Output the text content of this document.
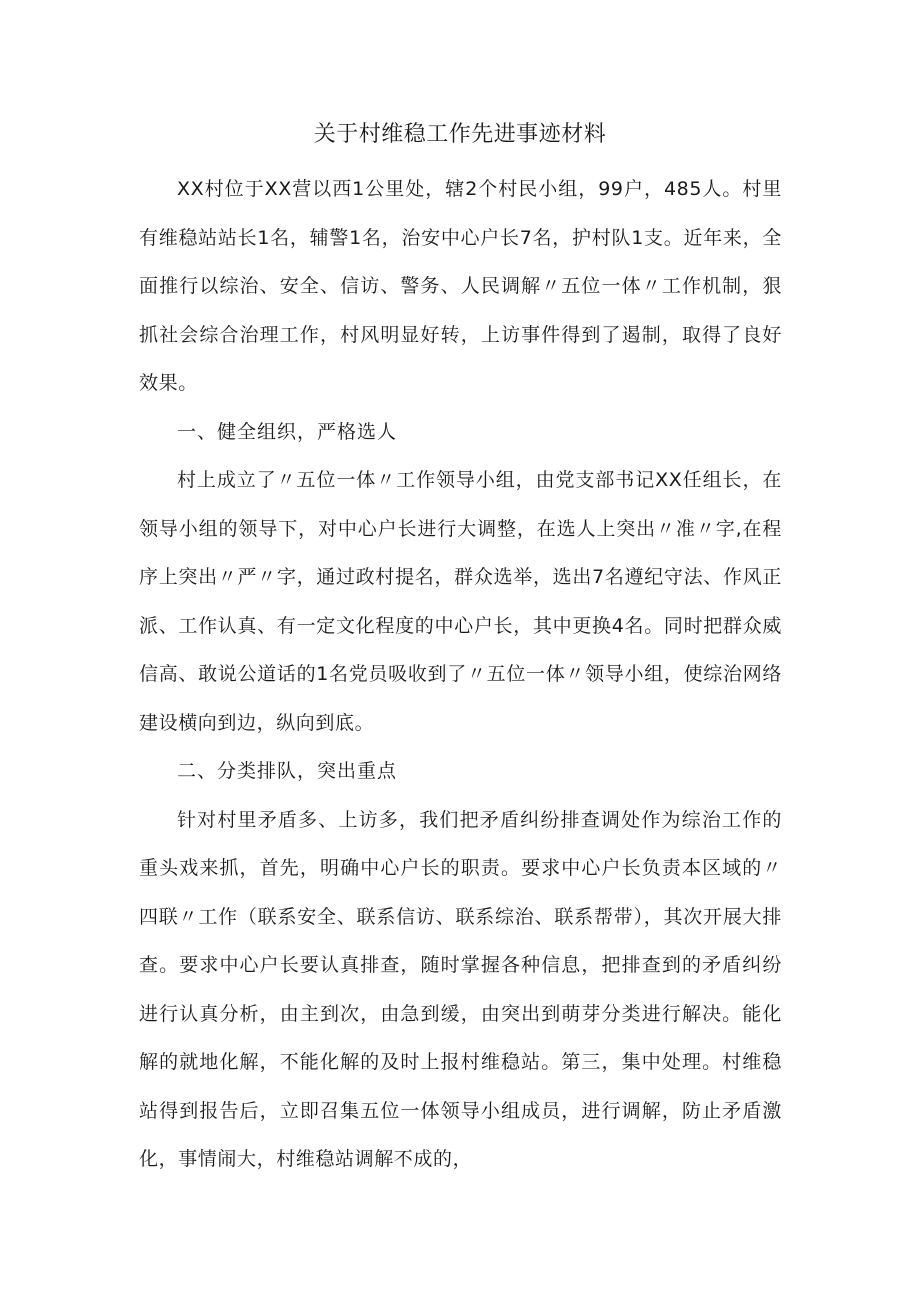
关于村维稳工作先进事迹材料

XX村位于XX营以西1公里处，辖2个村民小组，99户，485人。村里有维稳站站长1名，辅警1名，治安中心户长7名，护村队1支。近年来，全面推行以综治、安全、信访、警务、人民调解〃五位一体〃工作机制，狠抓社会综合治理工作，村风明显好转，上访事件得到了遏制，取得了良好效果。

一、健全组织，严格选人

村上成立了〃五位一体〃工作领导小组，由党支部书记XX任组长，在领导小组的领导下，对中心户长进行大调整，在选人上突出〃准〃字,在程序上突出〃严〃字，通过政村提名，群众选举，选出7名遵纪守法、作风正派、工作认真、有一定文化程度的中心户长，其中更换4名。同时把群众威信高、敢说公道话的1名党员吸收到了〃五位一体〃领导小组，使综治网络建设横向到边，纵向到底。

二、分类排队，突出重点

针对村里矛盾多、上访多，我们把矛盾纠纷排查调处作为综治工作的重头戏来抓，首先，明确中心户长的职责。要求中心户长负责本区域的〃四联〃工作（联系安全、联系信访、联系综治、联系帮带），其次开展大排查。要求中心户长要认真排查，随时掌握各种信息，把排查到的矛盾纠纷进行认真分析，由主到次，由急到缓，由突出到萌芽分类进行解决。能化解的就地化解，不能化解的及时上报村维稳站。第三，集中处理。村维稳站得到报告后，立即召集五位一体领导小组成员，进行调解，防止矛盾激化，事情闹大，村维稳站调解不成的，
